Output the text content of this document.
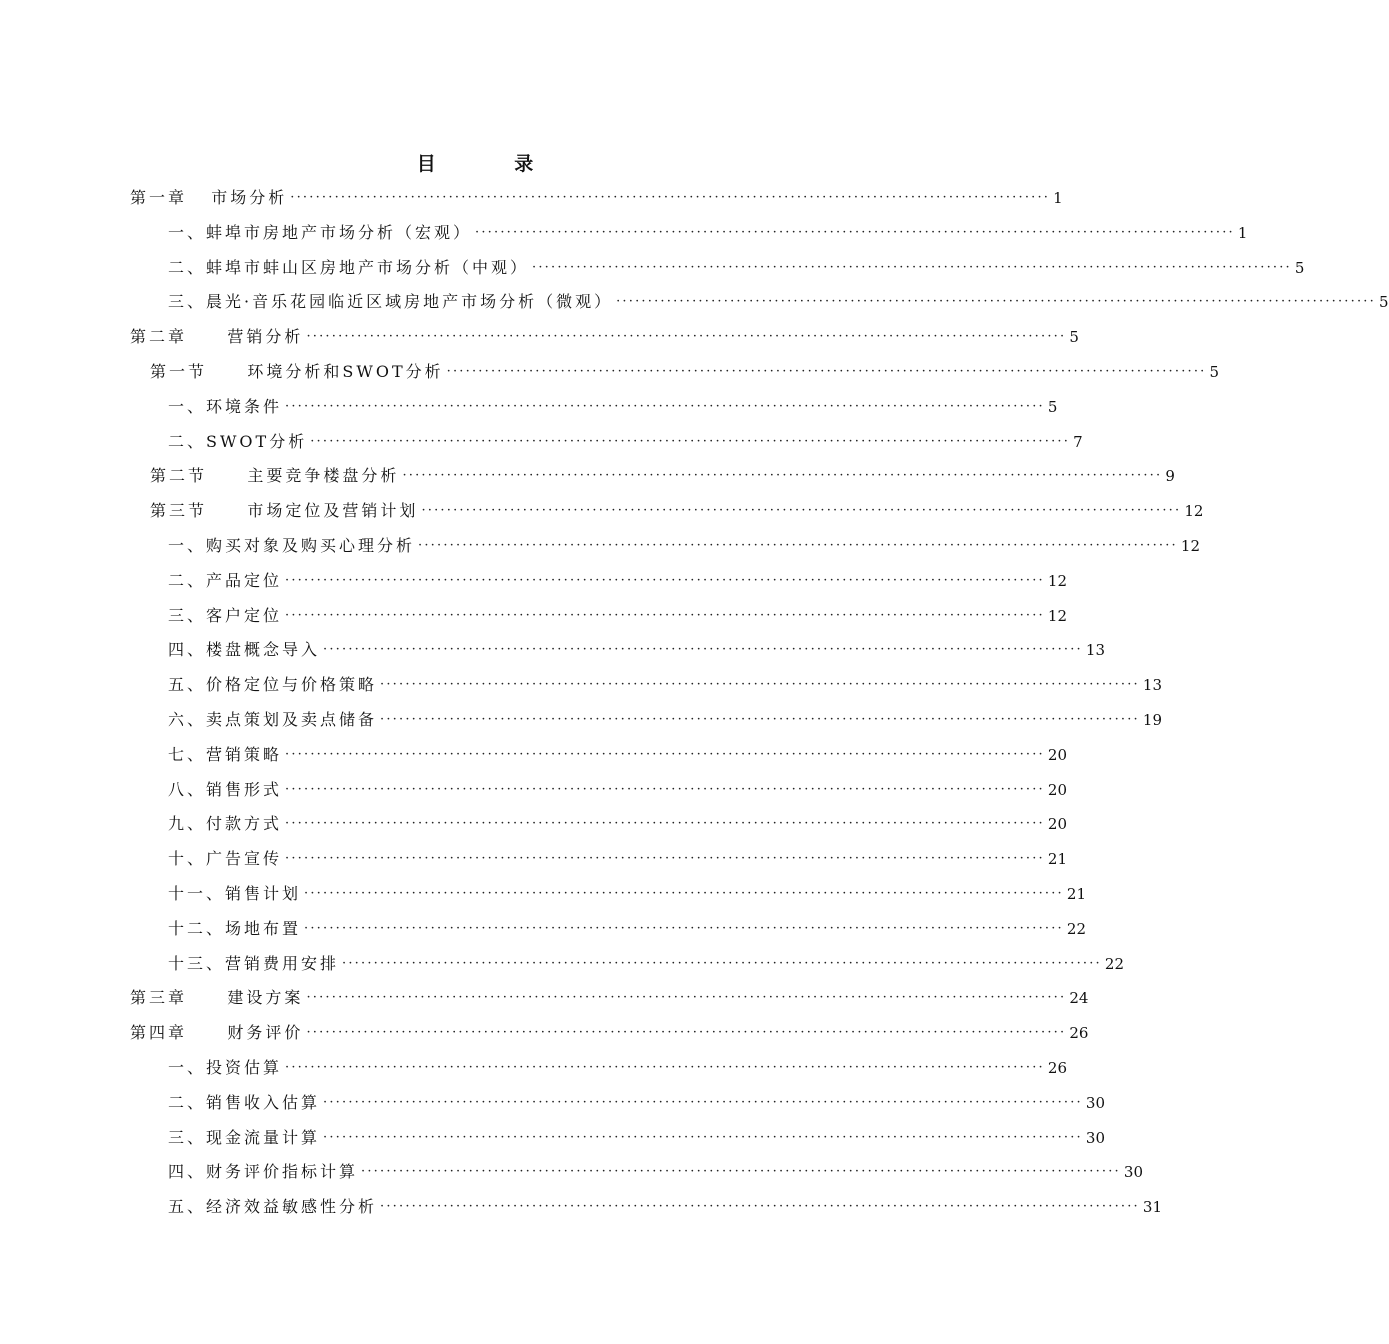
目 录
第一章   市场分析 ························································································································ 1
一、蚌埠市房地产市场分析（宏观） ························································································································ 1
二、蚌埠市蚌山区房地产市场分析（中观） ························································································································ 5
三、晨光·音乐花园临近区域房地产市场分析（微观） ························································································································ 5
第二章     营销分析 ························································································································ 5
第一节     环境分析和SWOT分析 ························································································································ 5
一、环境条件 ························································································································ 5
二、SWOT分析 ························································································································ 7
第二节     主要竞争楼盘分析 ························································································································ 9
第三节     市场定位及营销计划 ························································································································ 12
一、购买对象及购买心理分析 ························································································································ 12
二、产品定位 ························································································································ 12
三、客户定位 ························································································································ 12
四、楼盘概念导入 ························································································································ 13
五、价格定位与价格策略 ························································································································ 13
六、卖点策划及卖点储备 ························································································································ 19
七、营销策略 ························································································································ 20
八、销售形式 ························································································································ 20
九、付款方式 ························································································································ 20
十、广告宣传 ························································································································ 21
十一、销售计划 ························································································································ 21
十二、场地布置 ························································································································ 22
十三、营销费用安排 ························································································································ 22
第三章     建设方案 ························································································································ 24
第四章     财务评价 ························································································································ 26
一、投资估算 ························································································································ 26
二、销售收入估算 ························································································································ 30
三、现金流量计算 ························································································································ 30
四、财务评价指标计算 ························································································································ 30
五、经济效益敏感性分析 ························································································································ 31
